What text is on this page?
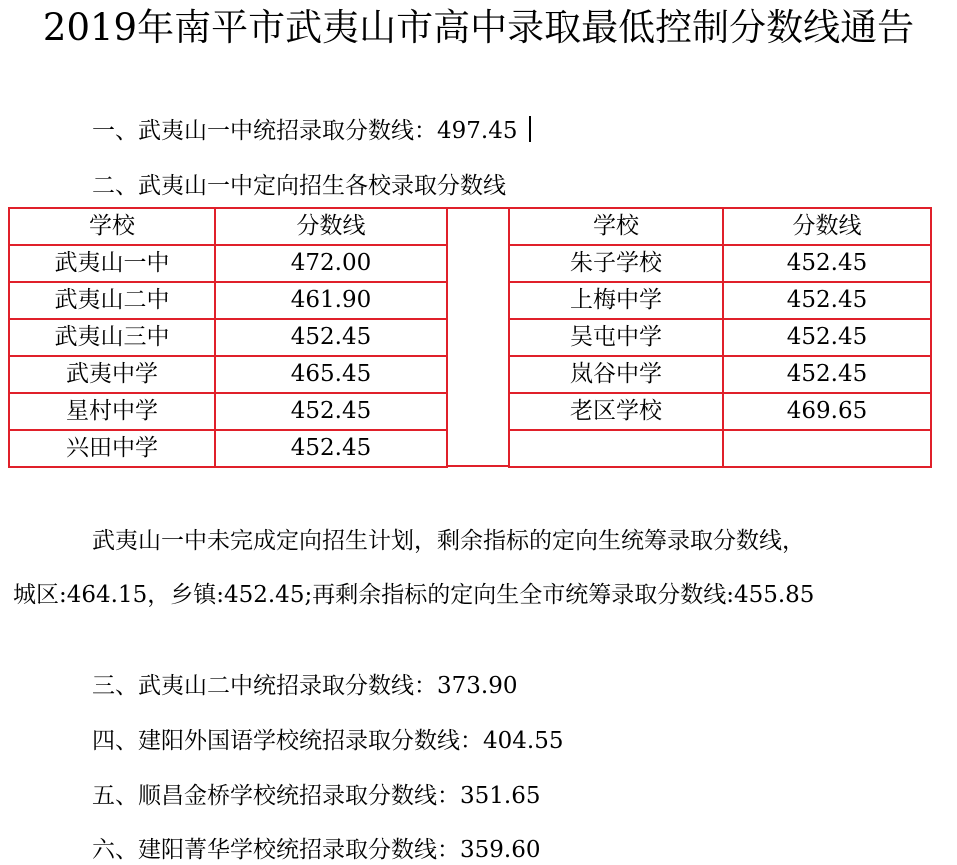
2019年南平市武夷山市高中录取最低控制分数线通告
一、武夷山一中统招录取分数线：497.45
二、武夷山一中定向招生各校录取分数线
学校	分数线
武夷山一中	472.00
武夷山二中	461.90
武夷山三中	452.45
武夷中学	465.45
星村中学	452.45
兴田中学	452.45
学校	分数线
朱子学校	452.45
上梅中学	452.45
吴屯中学	452.45
岚谷中学	452.45
老区学校	469.65

武夷山一中未完成定向招生计划，剩余指标的定向生统筹录取分数线，
城区:464.15，乡镇:452.45;再剩余指标的定向生全市统筹录取分数线:455.85
三、武夷山二中统招录取分数线：373.90
四、建阳外国语学校统招录取分数线：404.55
五、顺昌金桥学校统招录取分数线：351.65
六、建阳菁华学校统招录取分数线：359.60
